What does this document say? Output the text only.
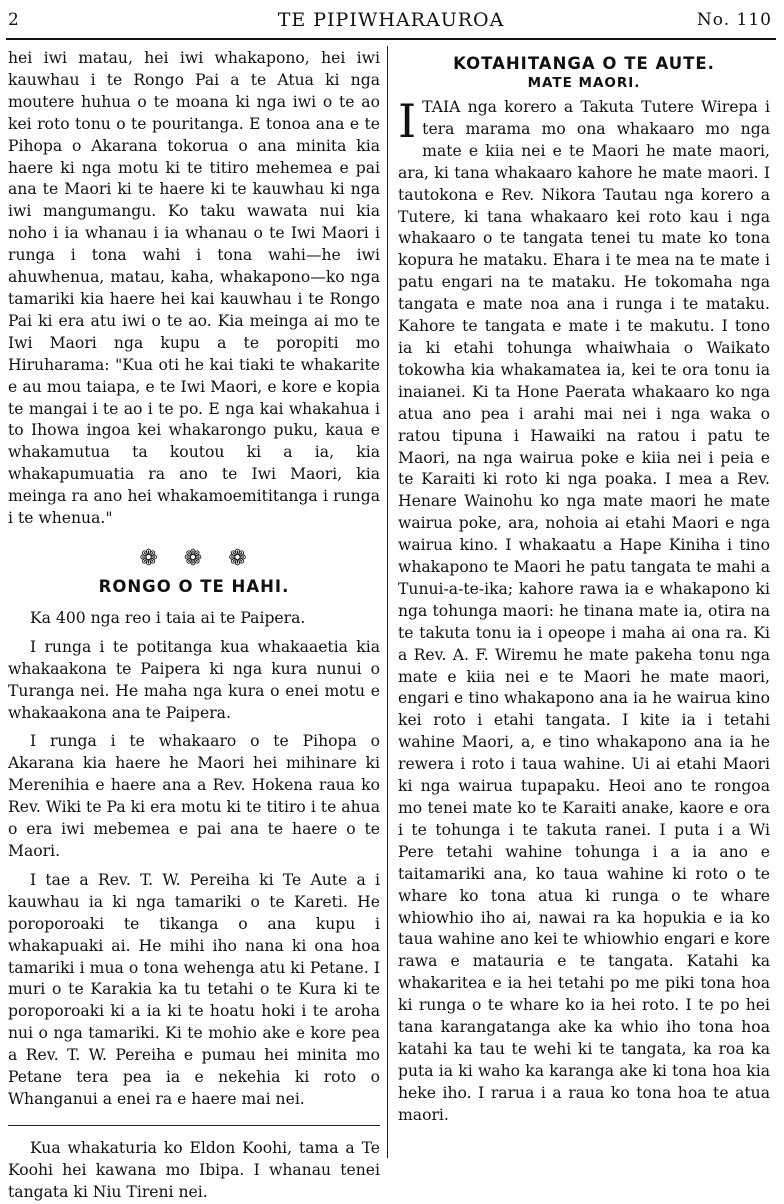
2	TE PIPIWHARAUROA	No. 110

hei iwi matau, hei iwi whakapono, hei iwi kauwhau i te Rongo Pai a te Atua ki nga moutere huhua o te moana ki nga iwi o te ao kei roto tonu o te pouritanga. E tonoa ana e te Pihopa o Akarana tokorua o ana minita kia haere ki nga motu ki te titiro mehemea e pai ana te Maori ki te haere ki te kauwhau ki nga iwi mangumangu. Ko taku wawata nui kia noho i ia whanau i ia whanau o te Iwi Maori i runga i tona wahi i tona wahi—he iwi ahuwhenua, matau, kaha, whakapono—ko nga tamariki kia haere hei kai kauwhau i te Rongo Pai ki era atu iwi o te ao. Kia meinga ai mo te Iwi Maori nga kupu a te poropiti mo Hiruharama: "Kua oti he kai tiaki te whakarite e au mou taiapa, e te Iwi Maori, e kore e kopia te mangai i te ao i te po. E nga kai whakahua i to Ihowa ingoa kei whakarongo puku, kaua e whakamutua ta koutou ki a ia, kia whakapumuatia ra ano te Iwi Maori, kia meinga ra ano hei whakamoemititanga i runga i te whenua."

❁❁❁
RONGO O TE HAHI.

Ka 400 nga reo i taia ai te Paipera.

I runga i te potitanga kua whakaaetia kia whakaakona te Paipera ki nga kura nunui o Turanga nei. He maha nga kura o enei motu e whakaakona ana te Paipera.

I runga i te whakaaro o te Pihopa o Akarana kia haere he Maori hei mihinare ki Merenihia e haere ana a Rev. Hokena raua ko Rev. Wiki te Pa ki era motu ki te titiro i te ahua o era iwi mebemea e pai ana te haere o te Maori.

I tae a Rev. T. W. Pereiha ki Te Aute a i kauwhau ia ki nga tamariki o te Kareti. He poroporoaki te tikanga o ana kupu i whakapuaki ai. He mihi iho nana ki ona hoa tamariki i mua o tona wehenga atu ki Petane. I muri o te Karakia ka tu tetahi o te Kura ki te poroporoaki ki a ia ki te hoatu hoki i te aroha nui o nga tamariki. Ki te mohio ake e kore pea a Rev. T. W. Pereiha e pumau hei minita mo Petane tera pea ia e nekehia ki roto o Whanganui a enei ra e haere mai nei.

Kua whakaturia ko Eldon Koohi, tama a Te Koohi hei kawana mo Ibipa. I whanau tenei tangata ki Niu Tireni nei.

KOTAHITANGA O TE AUTE.
MATE MAORI.

ITAIA nga korero a Takuta Tutere Wirepa i tera marama mo ona whakaaro mo nga mate e kiia nei e te Maori he mate maori, ara, ki tana whakaaro kahore he mate maori. I tautokona e Rev. Nikora Tautau nga korero a Tutere, ki tana whakaaro kei roto kau i nga whakaaro o te tangata tenei tu mate ko tona kopura he mataku. Ehara i te mea na te mate i patu engari na te mataku. He tokomaha nga tangata e mate noa ana i runga i te mataku. Kahore te tangata e mate i te makutu. I tono ia ki etahi tohunga whaiwhaia o Waikato tokowha kia whakamatea ia, kei te ora tonu ia inaianei. Ki ta Hone Paerata whakaaro ko nga atua ano pea i arahi mai nei i nga waka o ratou tipuna i Hawaiki na ratou i patu te Maori, na nga wairua poke e kiia nei i peia e te Karaiti ki roto ki nga poaka. I mea a Rev. Henare Wainohu ko nga mate maori he mate wairua poke, ara, nohoia ai etahi Maori e nga wairua kino. I whakaatu a Hape Kiniha i tino whakapono te Maori he patu tangata te mahi a Tunui-a-te-ika; kahore rawa ia e whakapono ki nga tohunga maori: he tinana mate ia, otira na te takuta tonu ia i opeope i maha ai ona ra. Ki a Rev. A. F. Wiremu he mate pakeha tonu nga mate e kiia nei e te Maori he mate maori, engari e tino whakapono ana ia he wairua kino kei roto i etahi tangata. I kite ia i tetahi wahine Maori, a, e tino whakapono ana ia he rewera i roto i taua wahine. Ui ai etahi Maori ki nga wairua tupapaku. Heoi ano te rongoa mo tenei mate ko te Karaiti anake, kaore e ora i te tohunga i te takuta ranei. I puta i a Wi Pere tetahi wahine tohunga i a ia ano e taitamariki ana, ko taua wahine ki roto o te whare ko tona atua ki runga o te whare whiowhio iho ai, nawai ra ka hopukia e ia ko taua wahine ano kei te whiowhio engari e kore rawa e matauria e te tangata. Katahi ka whakaritea e ia hei tetahi po me piki tona hoa ki runga o te whare ko ia hei roto. I te po hei tana karangatanga ake ka whio iho tona hoa katahi ka tau te wehi ki te tangata, ka roa ka puta ia ki waho ka karanga ake ki tona hoa kia heke iho. I rarua i a raua ko tona hoa te atua maori.
